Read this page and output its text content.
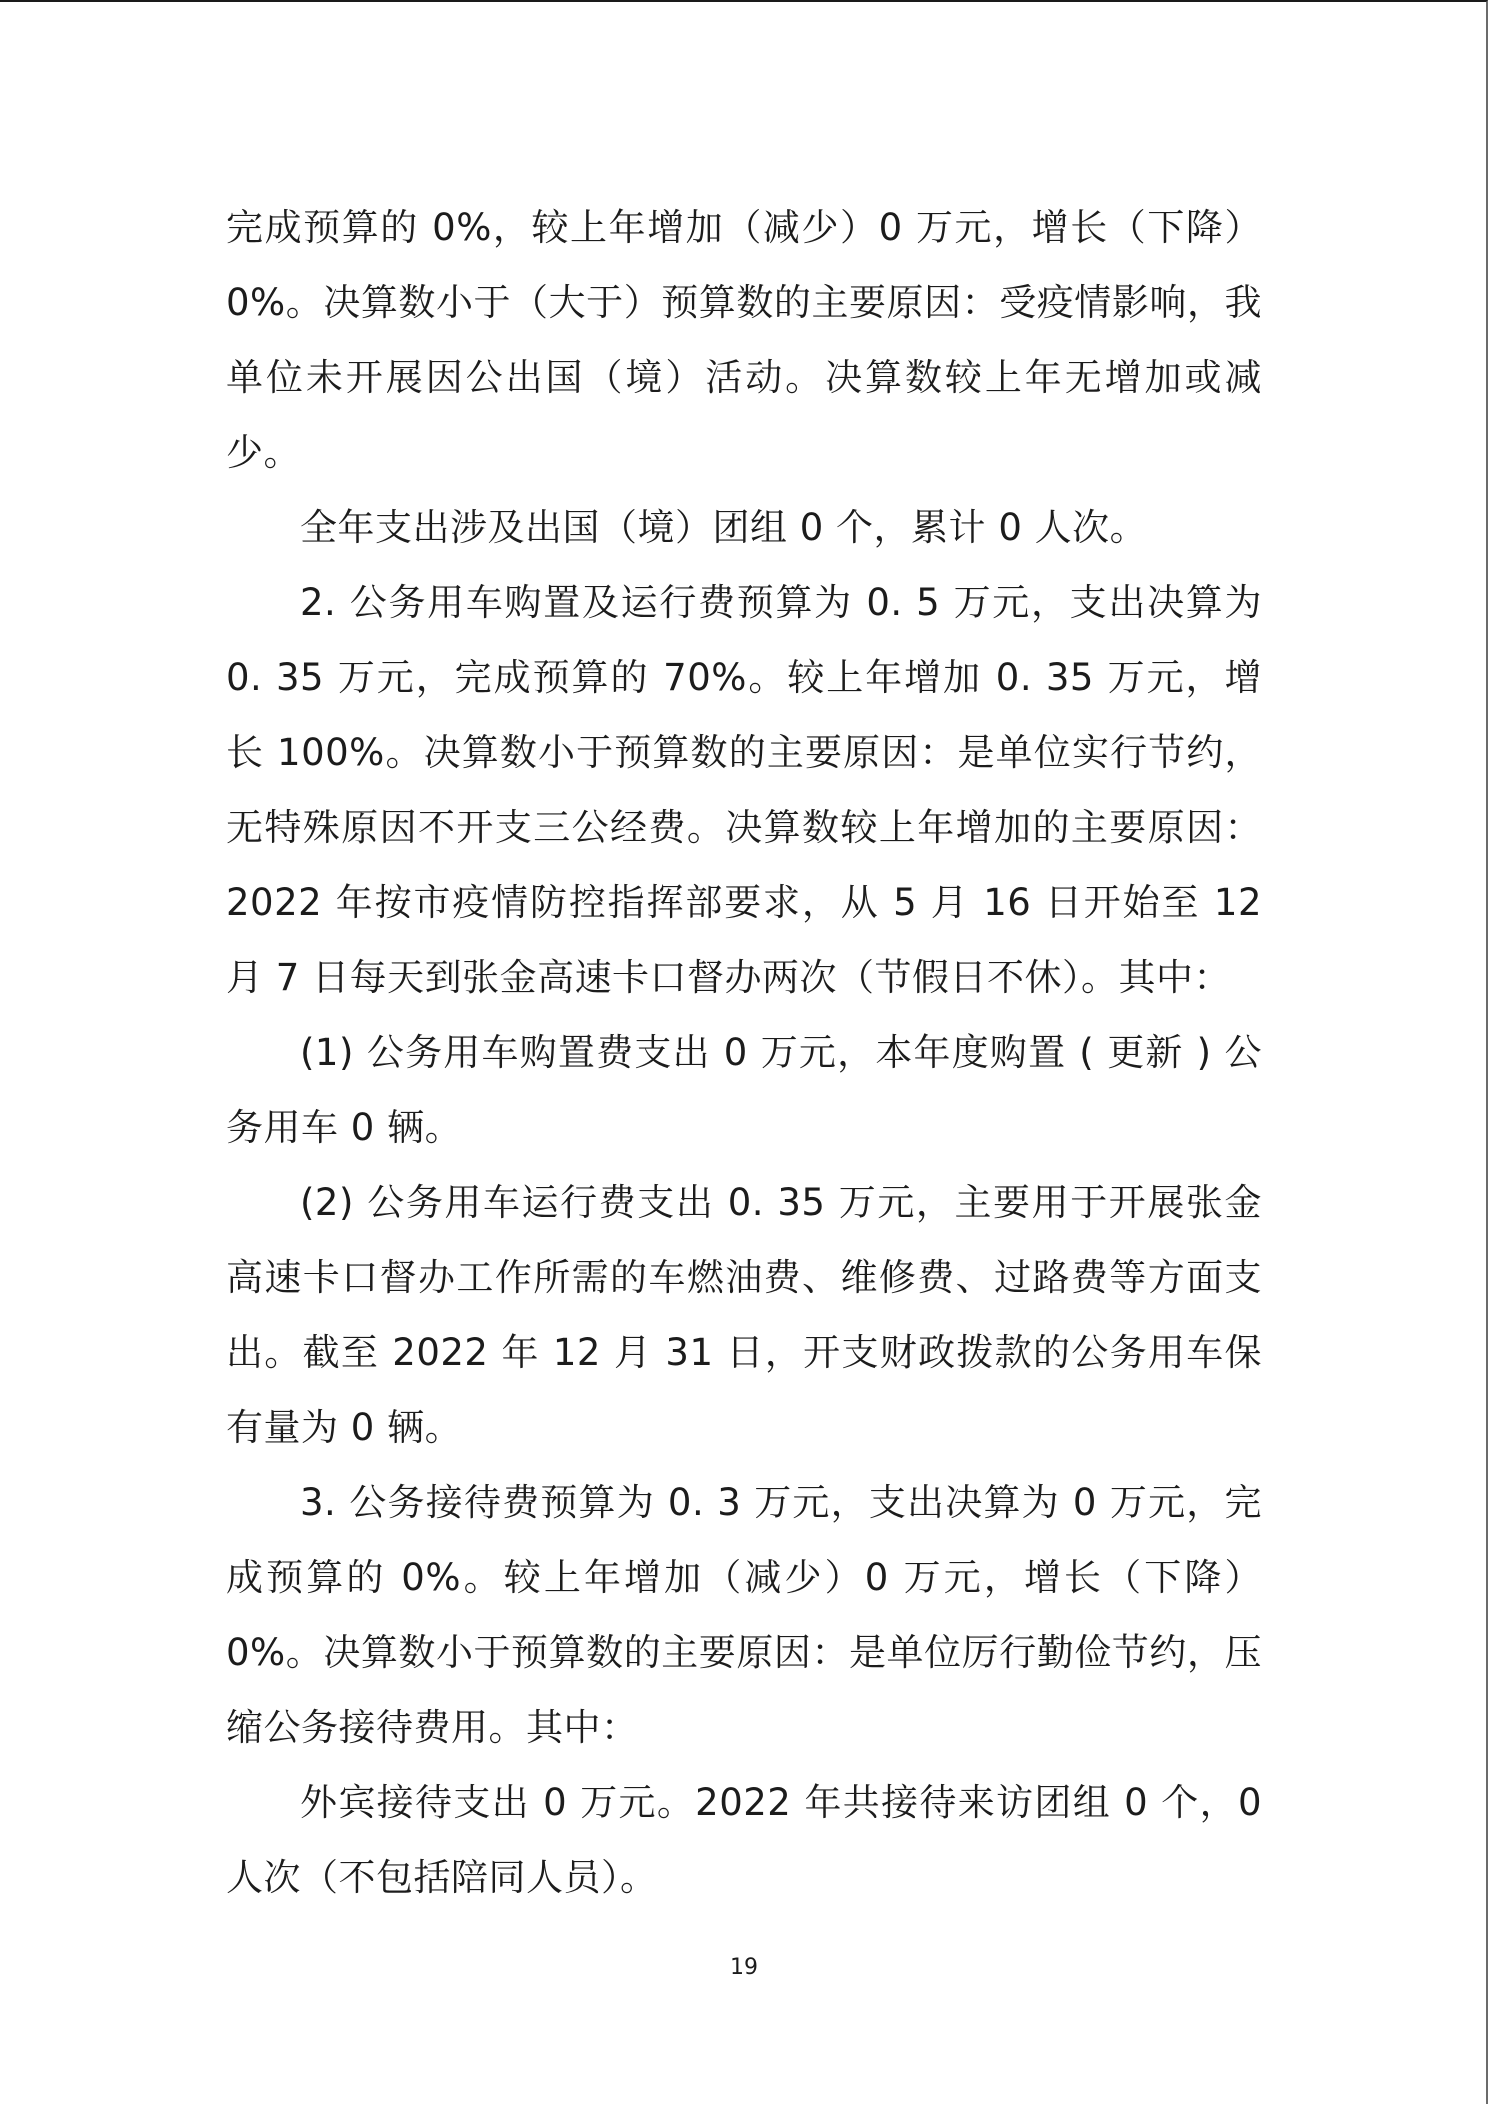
完成预算的 0%，较上年增加（减少）0 万元，增长（下降）0%。决算数小于（大于）预算数的主要原因：受疫情影响，我单位未开展因公出国（境）活动。决算数较上年无增加或减少。

全年支出涉及出国（境）团组 0 个，累计 0 人次。

2. 公务用车购置及运行费预算为 0. 5 万元，支出决算为 0. 35 万元，完成预算的 70%。较上年增加 0. 35 万元，增长 100%。决算数小于预算数的主要原因：是单位实行节约，无特殊原因不开支三公经费。决算数较上年增加的主要原因：2022 年按市疫情防控指挥部要求，从 5 月 16 日开始至 12 月 7 日每天到张金高速卡口督办两次（节假日不休）。其中：

(1) 公务用车购置费支出 0 万元，本年度购置 ( 更新 ) 公务用车 0 辆。

(2) 公务用车运行费支出 0. 35 万元，主要用于开展张金高速卡口督办工作所需的车燃油费、维修费、过路费等方面支出。截至 2022 年 12 月 31 日，开支财政拨款的公务用车保有量为 0 辆。

3. 公务接待费预算为 0. 3 万元，支出决算为 0 万元，完成预算的 0%。较上年增加（减少）0 万元，增长（下降）0%。决算数小于预算数的主要原因：是单位厉行勤俭节约，压缩公务接待费用。其中：

外宾接待支出 0 万元。2022 年共接待来访团组 0 个，0 人次（不包括陪同人员）。

19
